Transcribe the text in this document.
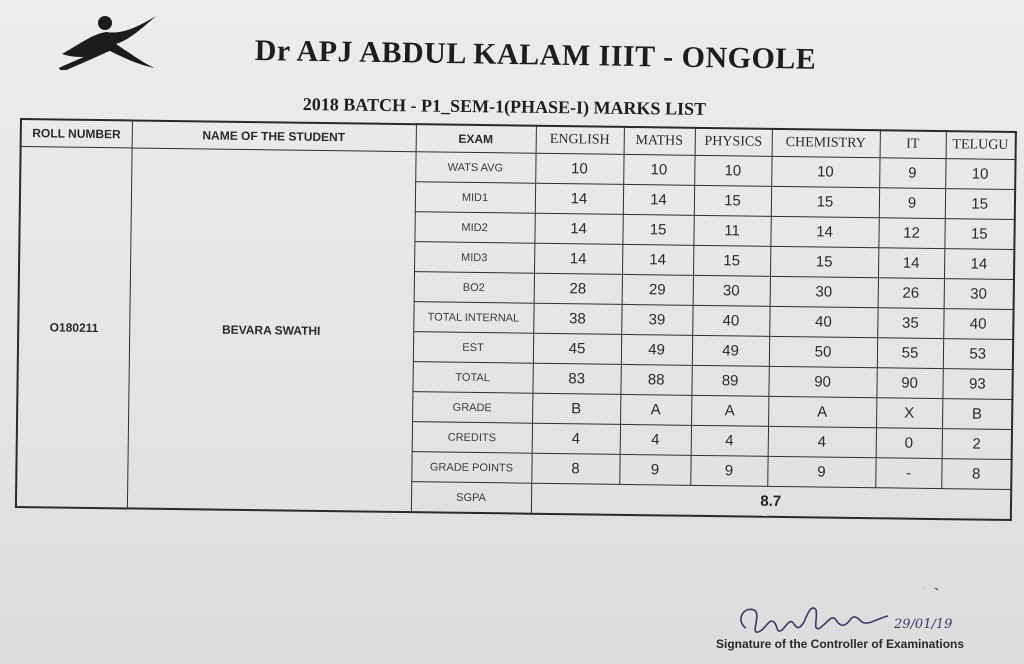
Dr APJ ABDUL KALAM IIIT - ONGOLE
2018 BATCH - P1_SEM-1(PHASE-I) MARKS LIST
ROLL NUMBER	NAME OF THE STUDENT	EXAM	ENGLISH	MATHS	PHYSICS	CHEMISTRY	IT	TELUGU
O180211	BEVARA SWATHI	WATS AVG	10	10	10	10	9	10
		MID1	14	14	15	15	9	15
		MID2	14	15	11	14	12	15
		MID3	14	14	15	15	14	14
		BO2	28	29	30	30	26	30
		TOTAL INTERNAL	38	39	40	40	35	40
		EST	45	49	49	50	55	53
		TOTAL	83	88	89	90	90	93
		GRADE	B	A	A	A	X	B
		CREDITS	4	4	4	4	0	2
		GRADE POINTS	8	9	9	9	-	8
		SGPA	8.7					
29/01/19
Signature of the Controller of Examinations
